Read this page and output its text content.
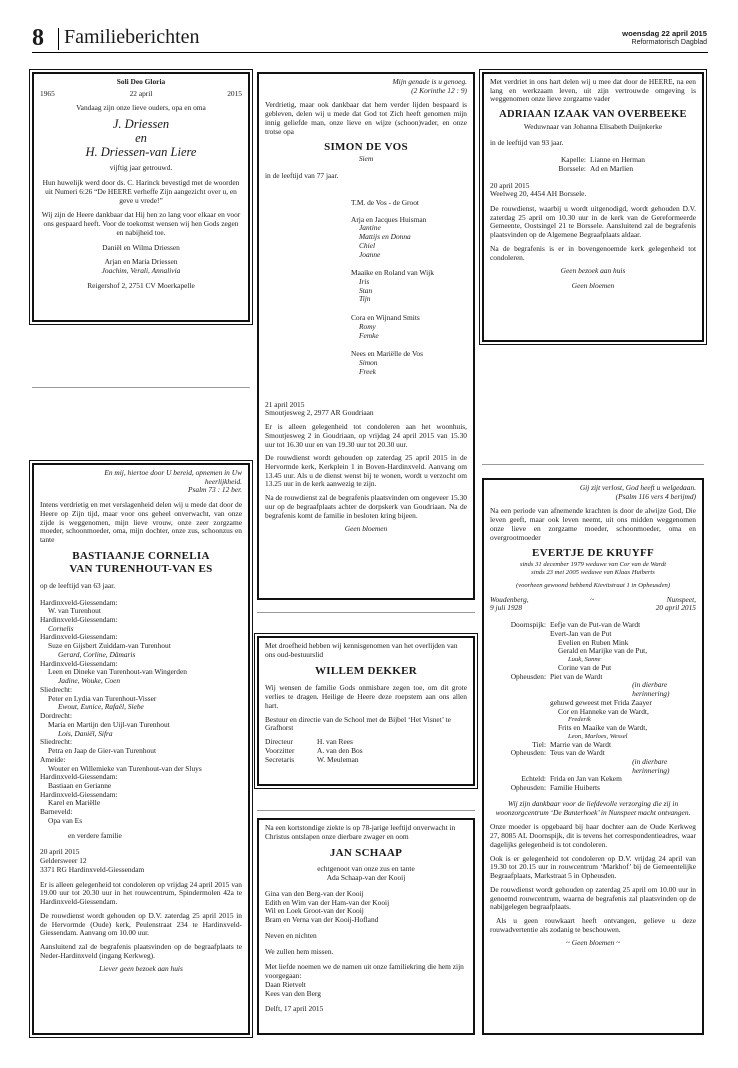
8 Familieberichten	woensdag 22 april 2015
Reformatorisch Dagblad
Soli Deo Gloria
1965	22 april	2015
Vandaag zijn onze lieve ouders, opa en oma
J. Driessen
en
H. Driessen-van Liere
vijftig jaar getrouwd.
Hun huwelijk werd door ds. C. Harinck bevestigd met de woorden uit Numeri 6:26 “De HEERE verheffe Zijn aangezicht over u, en geve u vrede!”
Wij zijn de Heere dankbaar dat Hij hen zo lang voor elkaar en voor ons gespaard heeft. Voor de toekomst wensen wij hen Gods zegen en nabijheid toe.
Daniël en Wilma Driessen
Arjan en Maria Driessen
Joachim, Verali, Annalivia
Reigershof 2, 2751 CV Moerkapelle
Mijn genade is u genoeg.
(2 Korinthe 12 : 9)

Verdrietig, maar ook dankbaar dat hem verder lijden bespaard is gebleven, delen wij u mede dat God tot Zich heeft genomen mijn innig geliefde man, onze lieve en wijze (schoon)vader, en onze trotse opa

SIMON DE VOS
Siem
in de leeftijd van 77 jaar.
T.M. de Vos - de Groot
Arja en Jacques Huisman
Jantine
Mattijs en Donna
Chiel
Joanne
Maaike en Roland van Wijk
Iris
Stan
Tijn
Cora en Wijnand Smits
Romy
Femke
Nees en Mariëlle de Vos
Simon
Freek
21 april 2015
Smoutjesweg 2, 2977 AR Goudriaan

Er is alleen gelegenheid tot condoleren aan het woonhuis, Smoutjesweg 2 in Goudriaan, op vrijdag 24 april 2015 van 15.30 uur tot 16.30 uur en van 19.30 uur tot 20.30 uur.

De rouwdienst wordt gehouden op zaterdag 25 april 2015 in de Hervormde kerk, Kerkplein 1 in Boven-Hardinxveld. Aanvang om 13.45 uur. Als u de dienst wenst bij te wonen, wordt u verzocht om 13.25 uur in de kerk aanwezig te zijn.

Na de rouwdienst zal de begrafenis plaatsvinden om ongeveer 15.30 uur op de begraafplaats achter de dorpskerk van Goudriaan. Na de begrafenis komt de familie in besloten kring bijeen.

Geen bloemen

Met verdriet in ons hart delen wij u mee dat door de HEERE, na een lang en werkzaam leven, uit zijn vertrouwde omgeving is weggenomen onze lieve zorgzame vader

ADRIAAN IZAAK VAN OVERBEEKE
Weduwnaar van Johanna Elisabeth Duijnkerke
in de leeftijd van 93 jaar.
Kapelle: Lianne en Herman
Borssele: Ad en Marlien
20 april 2015
Weelweg 20, 4454 AH Borssele.

De rouwdienst, waarbij u wordt uitgenodigd, wordt gehouden D.V. zaterdag 25 april om 10.30 uur in de kerk van de Gereformeerde Gemeente, Oostsingel 21 te Borssele. Aansluitend zal de begrafenis plaatsvinden op de Algemene Begraafplaats aldaar.

Na de begrafenis is er in bovengenoemde kerk gelegenheid tot condoleren.

Geen bezoek aan huis
Geen bloemen
En mij, hiertoe door U bereid, opnemen in Uw heerlijkheid.
Psalm 73 : 12 ber.

Intens verdrietig en met verslagenheid delen wij u mede dat door de Heere op Zijn tijd, maar voor ons geheel onverwacht, van onze zijde is weggenomen, mijn lieve vrouw, onze zeer zorgzame moeder, schoonmoeder, oma, mijn dochter, onze zus, schoonzus en tante

BASTIAANJE CORNELIA
VAN TURENHOUT-VAN ES
op de leeftijd van 63 jaar.
Hardinxveld-Giessendam:
W. van Turenhout
Hardinxveld-Giessendam:
Cornelis
Hardinxveld-Giessendam:
Suze en Gijsbert Zuiddam-van Turenhout
Gerard, Corline, Dämaris
Hardinxveld-Giessendam:
Leen en Dineke van Turenhout-van Wingerden
Jadine, Wouke, Coen
Sliedrecht:
Peter en Lydia van Turenhout-Visser
Ewout, Eunice, Rafaël, Siebe
Dordrecht:
Maria en Martijn den Uijl-van Turenhout
Lois, Daniël, Sifra
Sliedrecht:
Petra en Jaap de Gier-van Turenhout
Ameide:
Wouter en Willemieke van Turenhout-van der Sluys
Hardinxveld-Giessendam:
Bastiaan en Gerianne
Hardinxveld-Giessendam:
Karel en Mariëlle
Barneveld:
Opa van Es
en verdere familie
20 april 2015
Geldersweer 12
3371 RG Hardinxveld-Giessendam

Er is alleen gelegenheid tot condoleren op vrijdag 24 april 2015 van 19.00 uur tot 20.30 uur in het rouwcentrum, Spindermolen 42a te Hardinxveld-Giessendam.

De rouwdienst wordt gehouden op D.V. zaterdag 25 april 2015 in de Hervormde (Oude) kerk, Peulenstraat 234 te Hardinxveld-Giessendam. Aanvang om 10.00 uur.

Aansluitend zal de begrafenis plaatsvinden op de begraafplaats te Neder-Hardinxveld (ingang Kerkweg).

Liever geen bezoek aan huis
Met droefheid hebben wij kennisgenomen van het overlijden van ons oud-bestuurslid
WILLEM DEKKER

Wij wensen de familie Gods onmisbare zegen toe, om dit grote verlies te dragen. Heilige de Heere deze roepstem aan ons allen hart.

Bestuur en directie van de School met de Bijbel ‘Het Visnet’ te Grafhorst
Directeur	H. van Rees
Voorzitter	A. van den Bos
Secretaris	W. Meuleman
Na een kortstondige ziekte is op 78-jarige leeftijd onverwacht in Christus ontslapen onze dierbare zwager en oom
JAN SCHAAP
echtgenoot van onze zus en tante
Ada Schaap-van der Kooij
Gina van den Berg-van der Kooij
Edith en Wim van der Ham-van der Kooij
Wil en Loek Groot-van der Kooij
Bram en Verna van der Kooij-Hofland
Neven en nichten
We zullen hem missen.
Met liefde noemen we de namen uit onze familiekring die hem zijn voorgegaan:
Daan Rietvelt
Kees van den Berg
Delft, 17 april 2015
Gij zijt verlost, God heeft u welgedaan.
(Psalm 116 vers 4 berijmd)

Na een periode van afnemende krachten is door de alwijze God, Die leven geeft, maar ook leven neemt, uit ons midden weggenomen onze lieve en zorgzame moeder, schoonmoeder, oma en overgrootmoeder

EVERTJE DE KRUYFF
sinds 31 december 1979 weduwe van Cor van de Wardt
sinds 23 mei 2005 weduwe van Klaas Huiberts
(voorheen gewoond hebbend Kievitstraat 1 in Opheusden)
Woudenberg,
9 juli 1928
~	Nunspeet,
20 april 2015
Doornspijk: Eefje van de Put-van de Wardt
Evert-Jan van de Put
Evelien en Ruben Mink
Gerald en Marijke van de Put,
Luuk, Sanne
Corine van de Put
Opheusden: Piet van de Wardt
(in dierbare herinnering)
gehuwd geweest met Frida Zaayer
Cor en Hanneke van de Wardt,
Frederik
Frits en Maaike van de Wardt,
Leon, Marloes, Wessel
Tiel: Marrie van de Wardt
Opheusden: Teus van de Wardt
(in dierbare herinnering)
Echteld: Frida en Jan van Kekem
Opheusden: Familie Huiberts
Wij zijn dankbaar voor de liefdevolle verzorging die zij in woonzorgcentrum ‘De Bunterhoek’ in Nunspeet macht ontvangen.

Onze moeder is opgebaard bij haar dochter aan de Oude Kerkweg 27, 8085 AL Doornspijk, dit is tevens het correspondentieadres, waar dagelijks gelegenheid is tot condoleren.

Ook is er gelegenheid tot condoleren op D.V. vrijdag 24 april van 19.30 tot 20.15 uur in rouwcentrum ‘Markhof’ bij de Gemeentelijke Begraafplaats, Markstraat 5 in Opheusden.

De rouwdienst wordt gehouden op zaterdag 25 april om 10.00 uur in genoemd rouwcentrum, waarna de begrafenis zal plaatsvinden op de nabijgelegen begraafplaats.

Als u geen rouwkaart heeft ontvangen, gelieve u deze rouwadvertentie als zodanig te beschouwen.

~ Geen bloemen ~
